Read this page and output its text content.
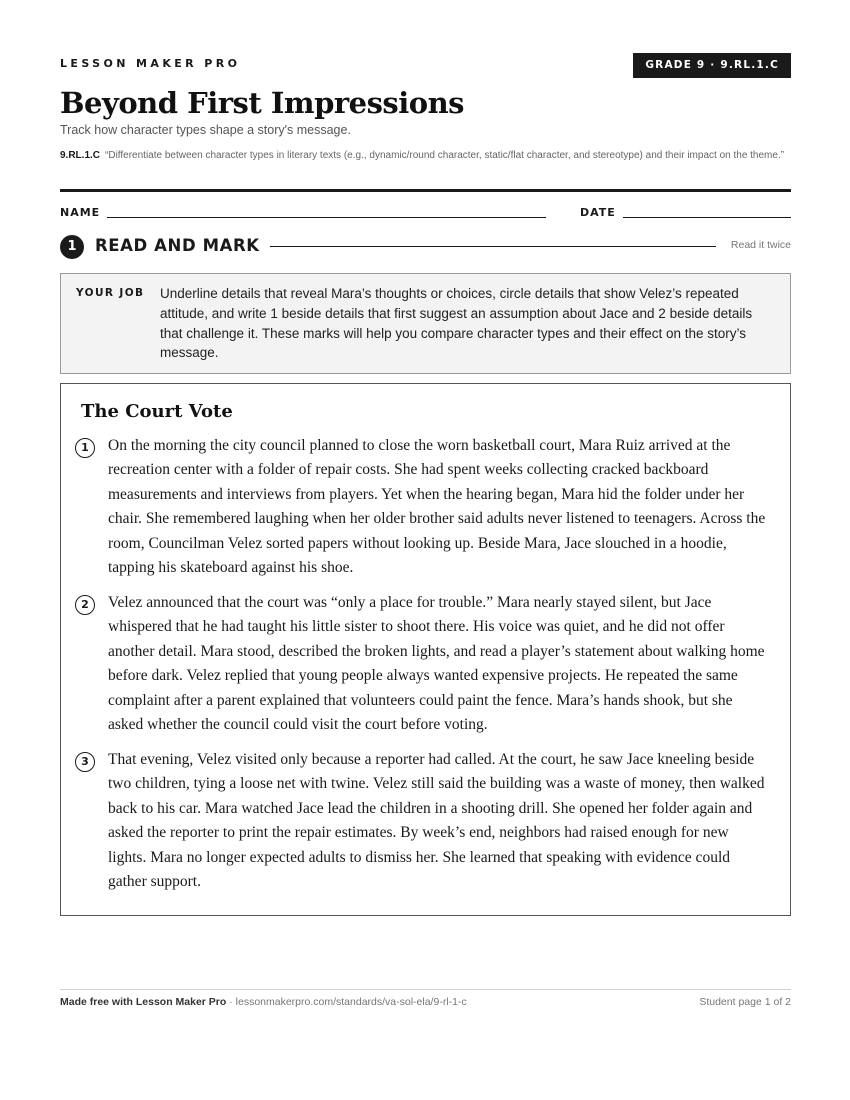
LESSON MAKER PRO	GRADE 9 · 9.RL.1.C
Beyond First Impressions
Track how character types shape a story's message.
9.RL.1.C “Differentiate between character types in literary texts (e.g., dynamic/round character, static/flat character, and stereotype) and their impact on the theme.”
NAME	DATE
1	READ AND MARK	Read it twice
YOUR JOB Underline details that reveal Mara’s thoughts or choices, circle details that show Velez’s repeated attitude, and write 1 beside details that first suggest an assumption about Jace and 2 beside details that challenge it. These marks will help you compare character types and their effect on the story’s message.
The Court Vote
1	On the morning the city council planned to close the worn basketball court, Mara Ruiz arrived at the recreation center with a folder of repair costs. She had spent weeks collecting cracked backboard measurements and interviews from players. Yet when the hearing began, Mara hid the folder under her chair. She remembered laughing when her older brother said adults never listened to teenagers. Across the room, Councilman Velez sorted papers without looking up. Beside Mara, Jace slouched in a hoodie, tapping his skateboard against his shoe.

2	Velez announced that the court was “only a place for trouble.” Mara nearly stayed silent, but Jace whispered that he had taught his little sister to shoot there. His voice was quiet, and he did not offer another detail. Mara stood, described the broken lights, and read a player’s statement about walking home before dark. Velez replied that young people always wanted expensive projects. He repeated the same complaint after a parent explained that volunteers could paint the fence. Mara’s hands shook, but she asked whether the council could visit the court before voting.

3	That evening, Velez visited only because a reporter had called. At the court, he saw Jace kneeling beside two children, tying a loose net with twine. Velez still said the building was a waste of money, then walked back to his car. Mara watched Jace lead the children in a shooting drill. She opened her folder again and asked the reporter to print the repair estimates. By week’s end, neighbors had raised enough for new lights. Mara no longer expected adults to dismiss her. She learned that speaking with evidence could gather support.

Made free with Lesson Maker Pro · lessonmakerpro.com/standards/va-sol-ela/9-rl-1-c	Student page 1 of 2
